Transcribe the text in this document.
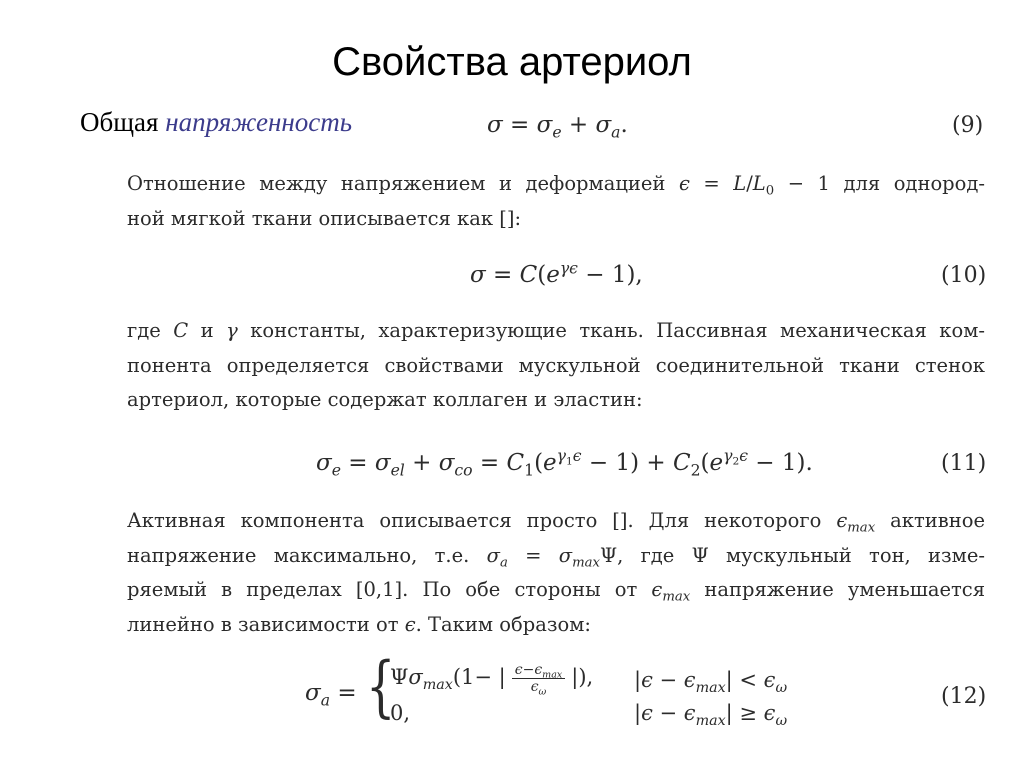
Свойства артериол
Общая напряженность	$\sigma = \sigma_e + \sigma_a$.	(9)
Отношение между напряжением и деформацией $\epsilon = L/L_0 - 1$ для однород-
ной мягкой ткани описывается как []:
$\sigma = C(e^{\gamma\epsilon} - 1)$,	(10)
где C и γ константы, характеризующие ткань. Пассивная механическая ком-
понента определяется свойствами мускульной соединительной ткани стенок
артериол, которые содержат коллаген и эластин:
$\sigma_e = \sigma_{el} + \sigma_{co} = C_1(e^{\gamma_1\epsilon} - 1) + C_2(e^{\gamma_2\epsilon} - 1)$.	(11)
Активная компонента описывается просто []. Для некоторого $\epsilon_{max}$ активное
напряжение максимально, т.е. $\sigma_a = \sigma_{max}\Psi$, где Ψ мускульный тон, изме-
ряемый в пределах [0,1]. По обе стороны от $\epsilon_{max}$ напряжение уменьшается
линейно в зависимости от ϵ. Таким образом:
$\sigma_a$ = {
$\Psi\sigma_{max}(1-$ | $\frac{\epsilon-\epsilon_{max}}{\epsilon_\omega}$ |), $|\epsilon - \epsilon_{max}| < \epsilon_\omega$
0,	$|\epsilon - \epsilon_{max}| \ge \epsilon_\omega$
(12)
